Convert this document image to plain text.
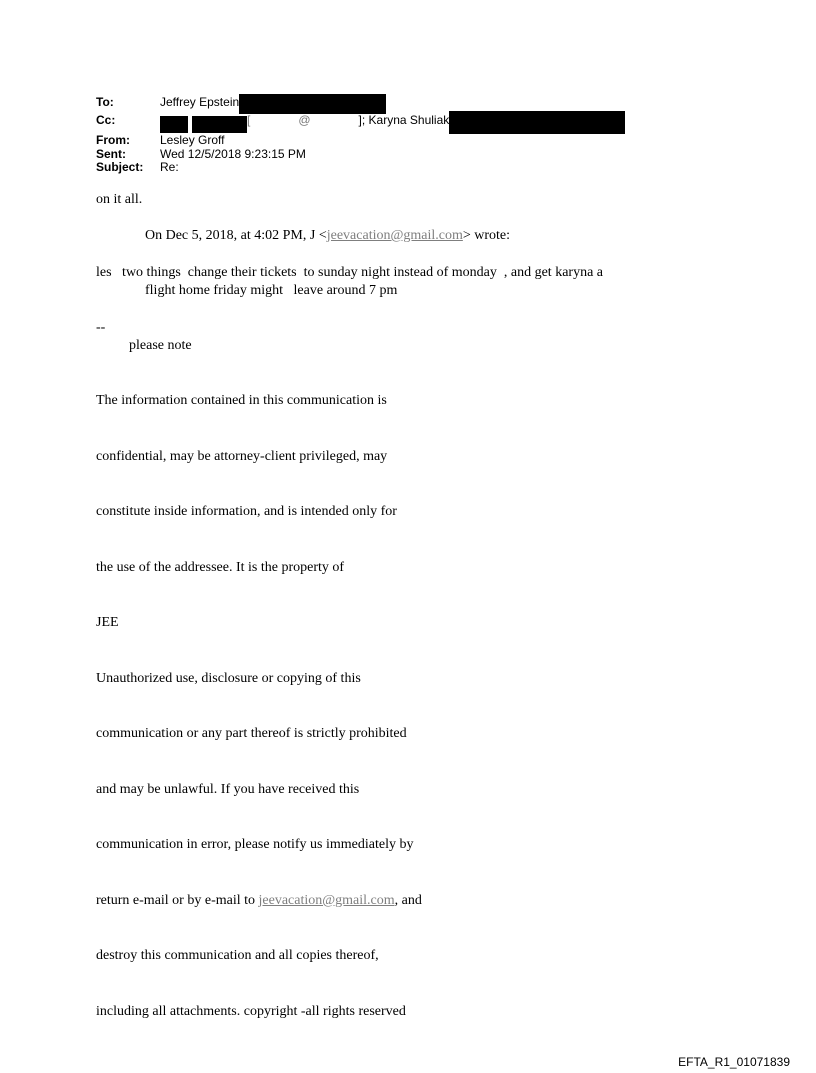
To:	Jeffrey Epstein
Cc:	[	@	]; Karyna Shuliak
From:	Lesley Groff
Sent:	Wed 12/5/2018 9:23:15 PM
Subject:	Re:
on it all.
On Dec 5, 2018, at 4:02 PM, J <jeevacation@gmail.com> wrote:
les   two things  change their tickets  to sunday night instead of monday  , and get karyna a
flight home friday might   leave around 7 pm
--
please note

The information contained in this communication is

confidential, may be attorney-client privileged, may

constitute inside information, and is intended only for

the use of the addressee. It is the property of

JEE

Unauthorized use, disclosure or copying of this

communication or any part thereof is strictly prohibited

and may be unlawful. If you have received this

communication in error, please notify us immediately by

return e-mail or by e-mail to jeevacation@gmail.com, and

destroy this communication and all copies thereof,

including all attachments. copyright -all rights reserved

EFTA_R1_01071839
